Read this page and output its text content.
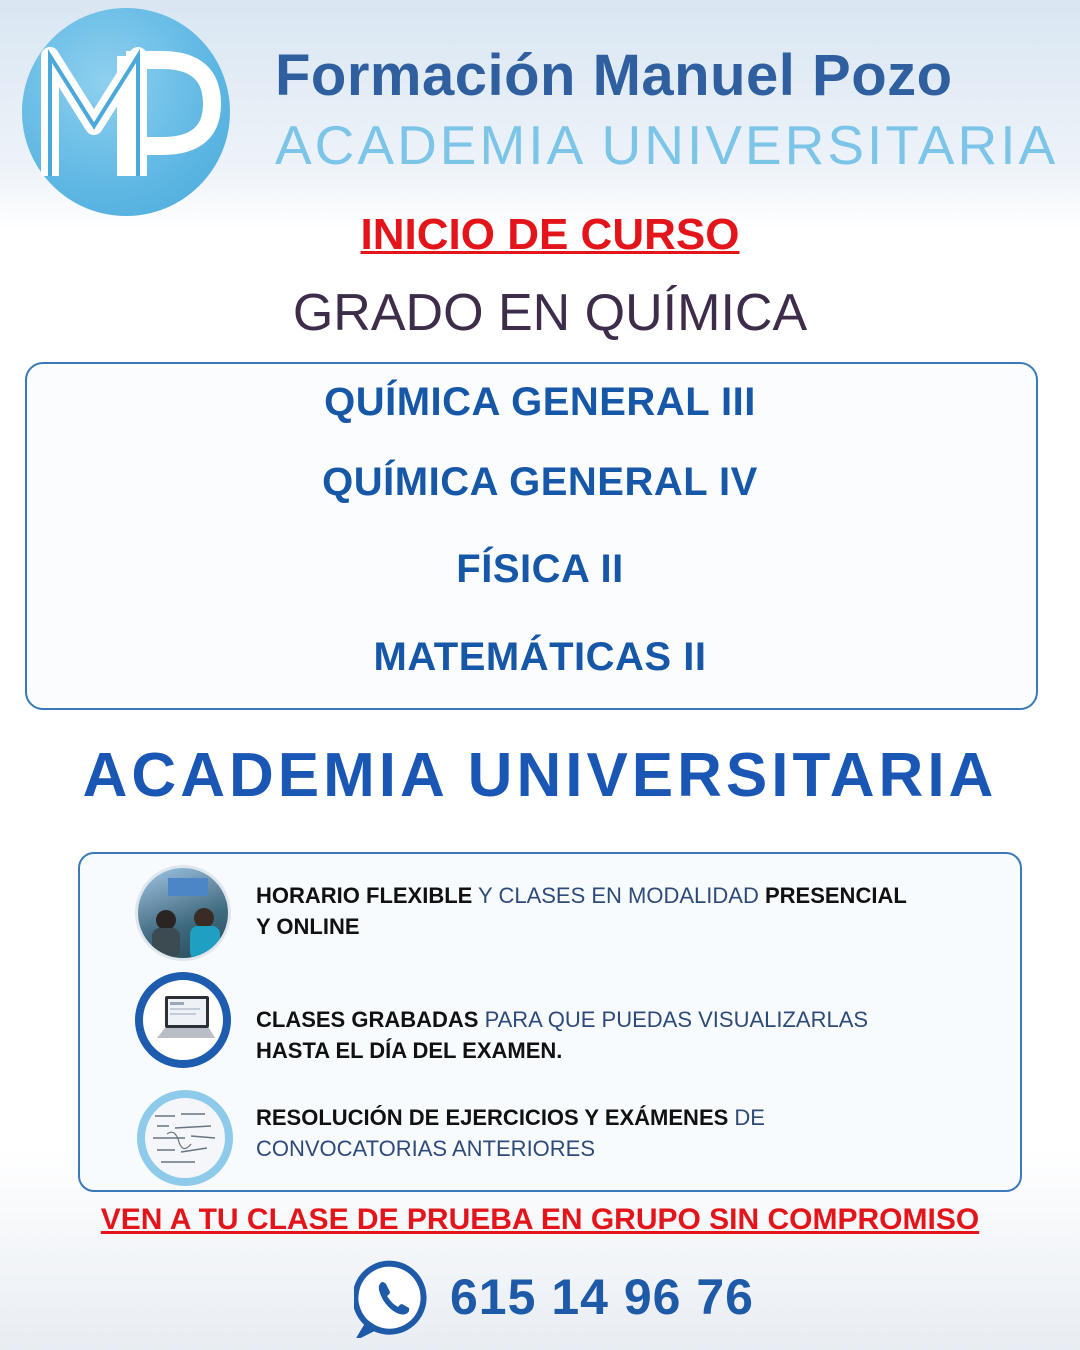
Formación Manuel Pozo
ACADEMIA UNIVERSITARIA
INICIO DE CURSO
GRADO EN QUÍMICA
QUÍMICA GENERAL III
QUÍMICA GENERAL IV
FÍSICA II
MATEMÁTICAS II
ACADEMIA UNIVERSITARIA
HORARIO FLEXIBLE Y CLASES EN MODALIDAD PRESENCIAL
Y ONLINE
CLASES GRABADAS PARA QUE PUEDAS VISUALIZARLAS
HASTA EL DÍA DEL EXAMEN.
RESOLUCIÓN DE EJERCICIOS Y EXÁMENES DE
CONVOCATORIAS ANTERIORES
VEN A TU CLASE DE PRUEBA EN GRUPO SIN COMPROMISO
615 14 96 76
